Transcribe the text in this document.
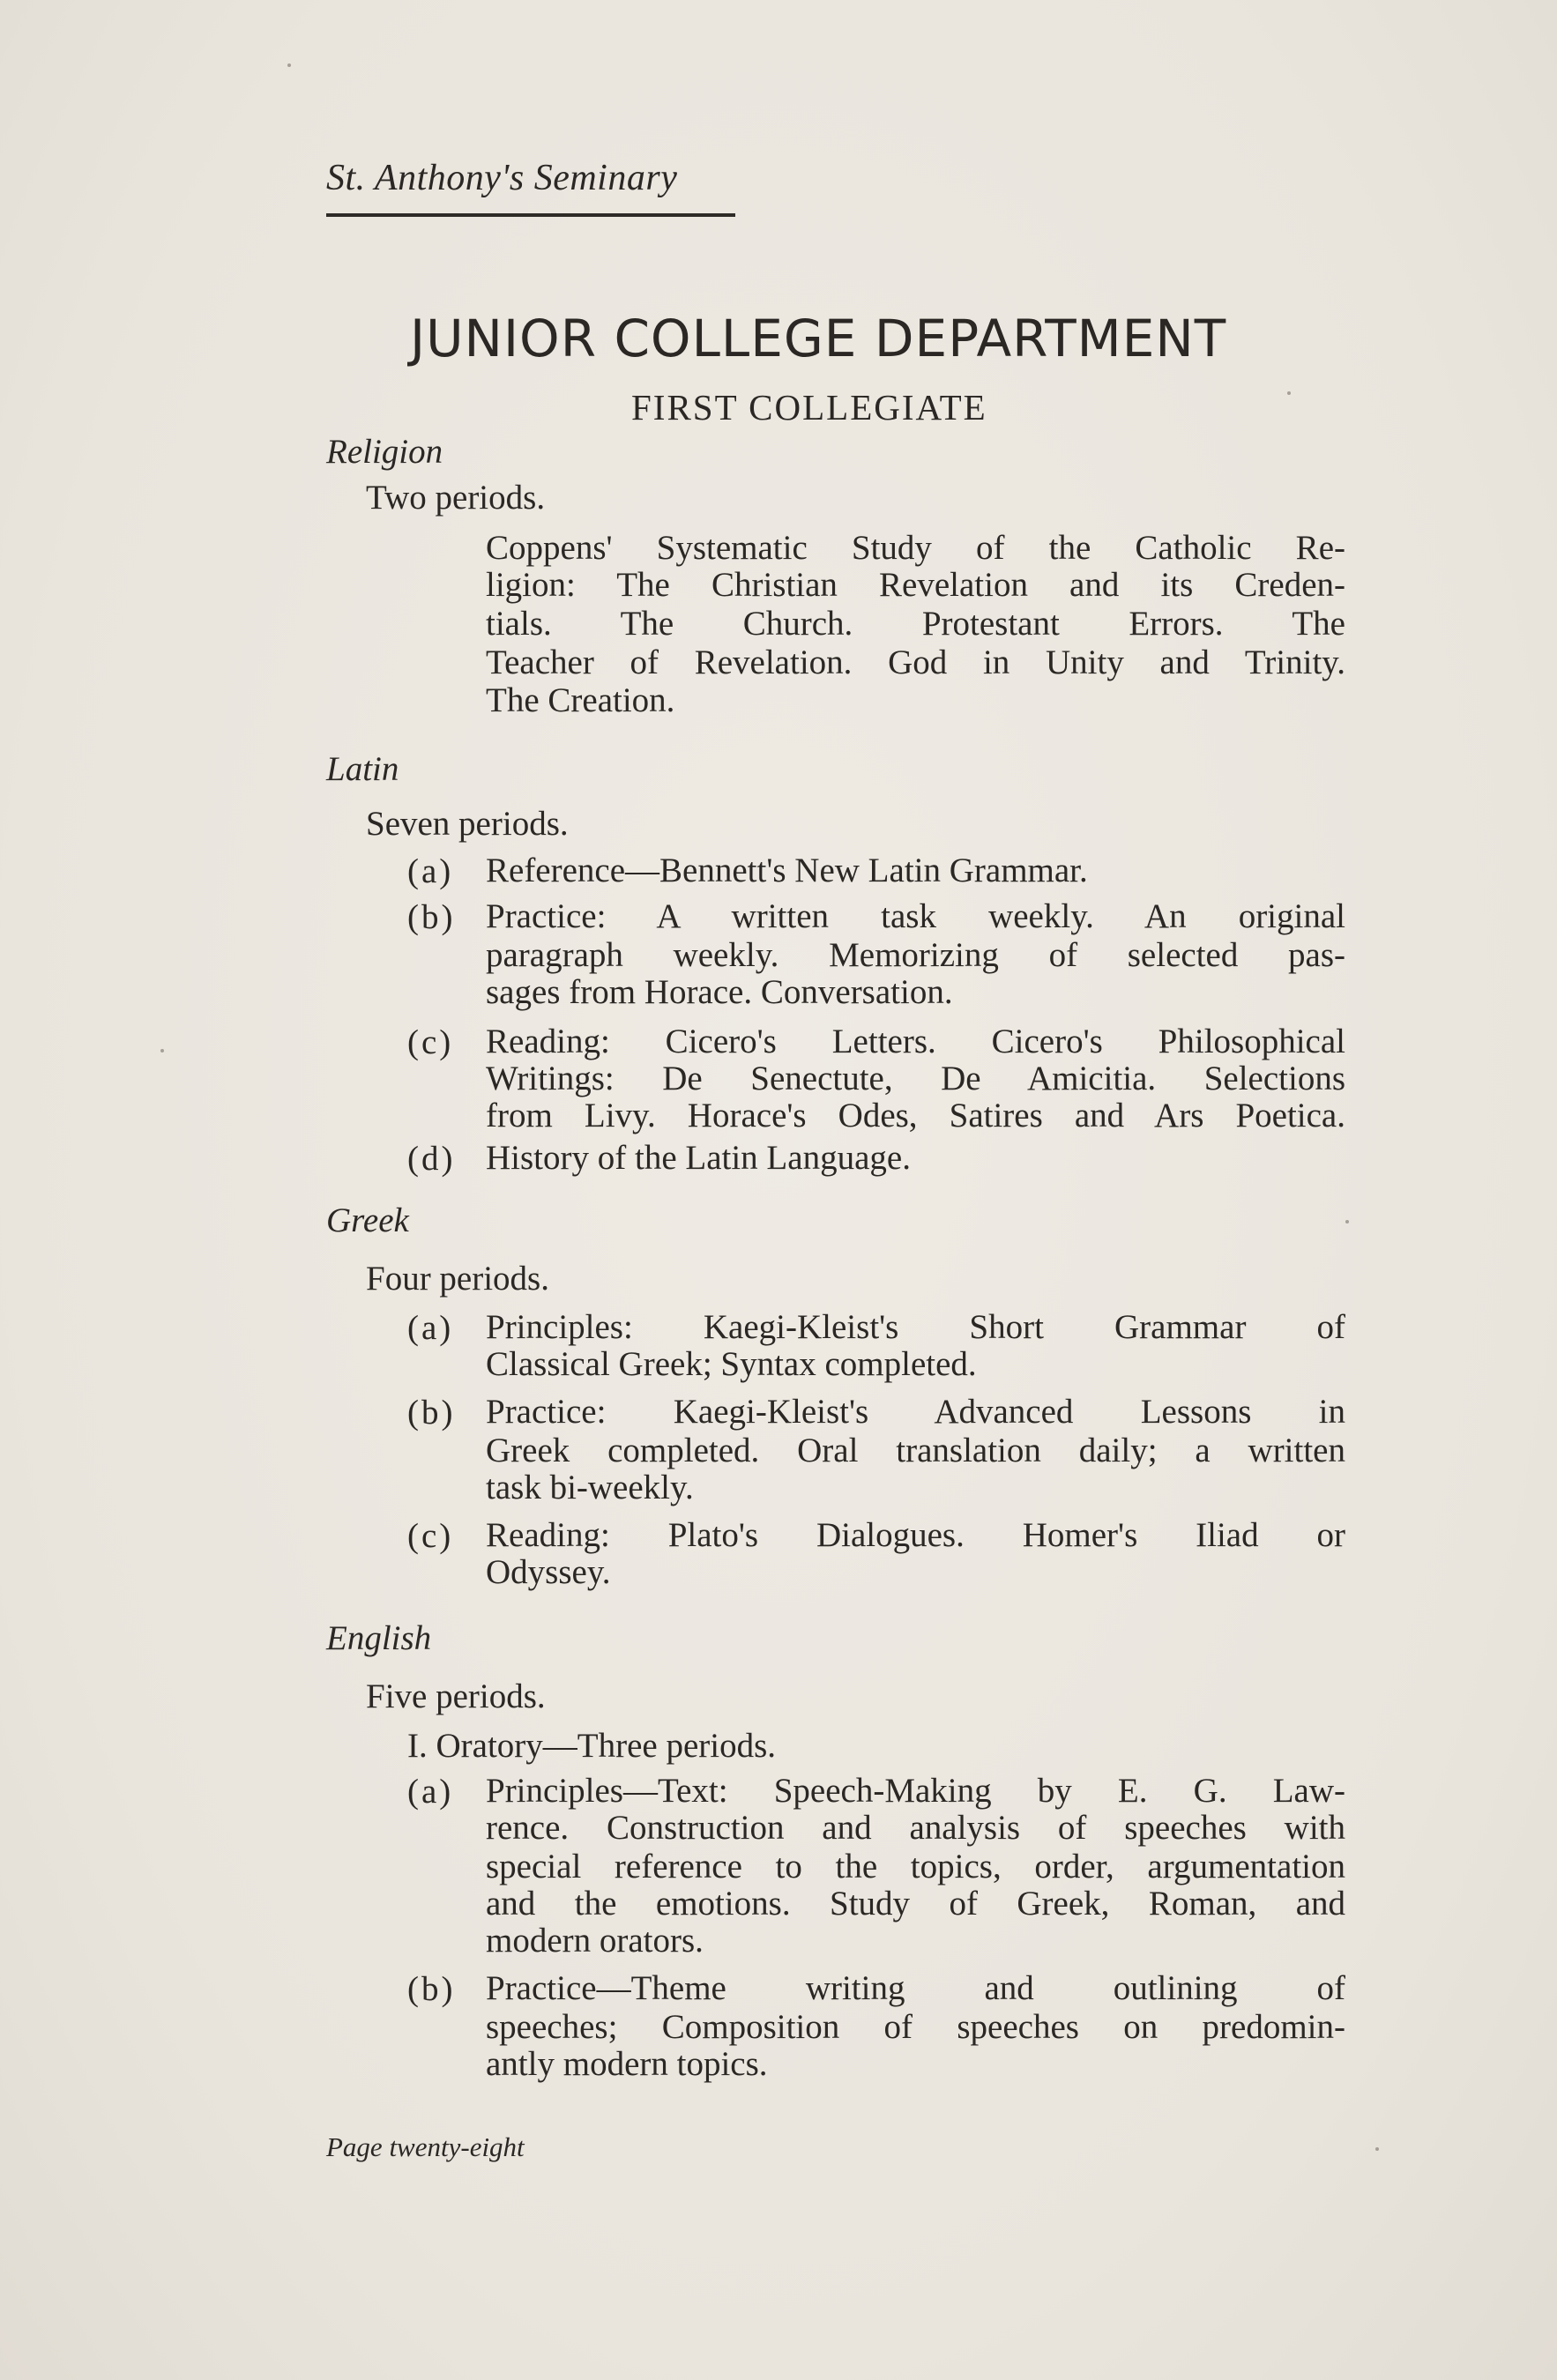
St. Anthony's Seminary
JUNIOR COLLEGE DEPARTMENT
FIRST COLLEGIATE
Religion
Two periods.
Coppens' Systematic Study of the Catholic Re-
ligion: The Christian Revelation and its Creden-
tials. The Church. Protestant Errors. The
Teacher of Revelation. God in Unity and Trinity.
The Creation.
Latin
Seven periods.
(a) Reference—Bennett's New Latin Grammar.
(b) Practice: A written task weekly. An original
paragraph weekly. Memorizing of selected pas-
sages from Horace. Conversation.
(c) Reading: Cicero's Letters. Cicero's Philosophical
Writings: De Senectute, De Amicitia. Selections
from Livy. Horace's Odes, Satires and Ars Poetica.
(d) History of the Latin Language.
Greek
Four periods.
(a) Principles: Kaegi-Kleist's Short Grammar of
Classical Greek; Syntax completed.
(b) Practice: Kaegi-Kleist's Advanced Lessons in
Greek completed. Oral translation daily; a written
task bi-weekly.
(c) Reading: Plato's Dialogues. Homer's Iliad or
Odyssey.
English
Five periods.
I. Oratory—Three periods.
(a) Principles—Text: Speech-Making by E. G. Law-
rence. Construction and analysis of speeches with
special reference to the topics, order, argumentation
and the emotions. Study of Greek, Roman, and
modern orators.
(b) Practice—Theme writing and outlining of
speeches; Composition of speeches on predomin-
antly modern topics.
Page twenty-eight
